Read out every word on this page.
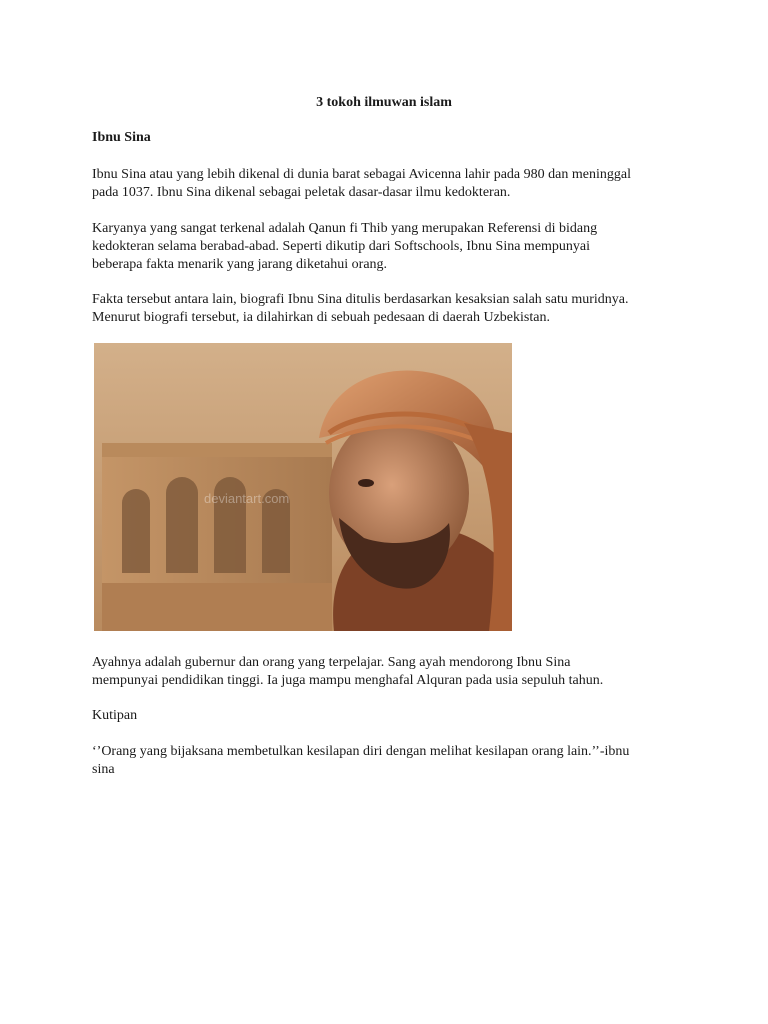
3 tokoh ilmuwan islam
Ibnu Sina

Ibnu Sina atau yang lebih dikenal di dunia barat sebagai Avicenna lahir pada 980 dan meninggal
pada 1037. Ibnu Sina dikenal sebagai peletak dasar-dasar ilmu kedokteran.

Karyanya yang sangat terkenal adalah Qanun fi Thib yang merupakan Referensi di bidang
kedokteran selama berabad-abad. Seperti dikutip dari Softschools, Ibnu Sina mempunyai
beberapa fakta menarik yang jarang diketahui orang.

Fakta tersebut antara lain, biografi Ibnu Sina ditulis berdasarkan kesaksian salah satu muridnya.
Menurut biografi tersebut, ia dilahirkan di sebuah pedesaan di daerah Uzbekistan.

deviantart.com

Ayahnya adalah gubernur dan orang yang terpelajar. Sang ayah mendorong Ibnu Sina
mempunyai pendidikan tinggi. Ia juga mampu menghafal Alquran pada usia sepuluh tahun.

Kutipan

‘’Orang yang bijaksana membetulkan kesilapan diri dengan melihat kesilapan orang lain.’’-ibnu
sina
